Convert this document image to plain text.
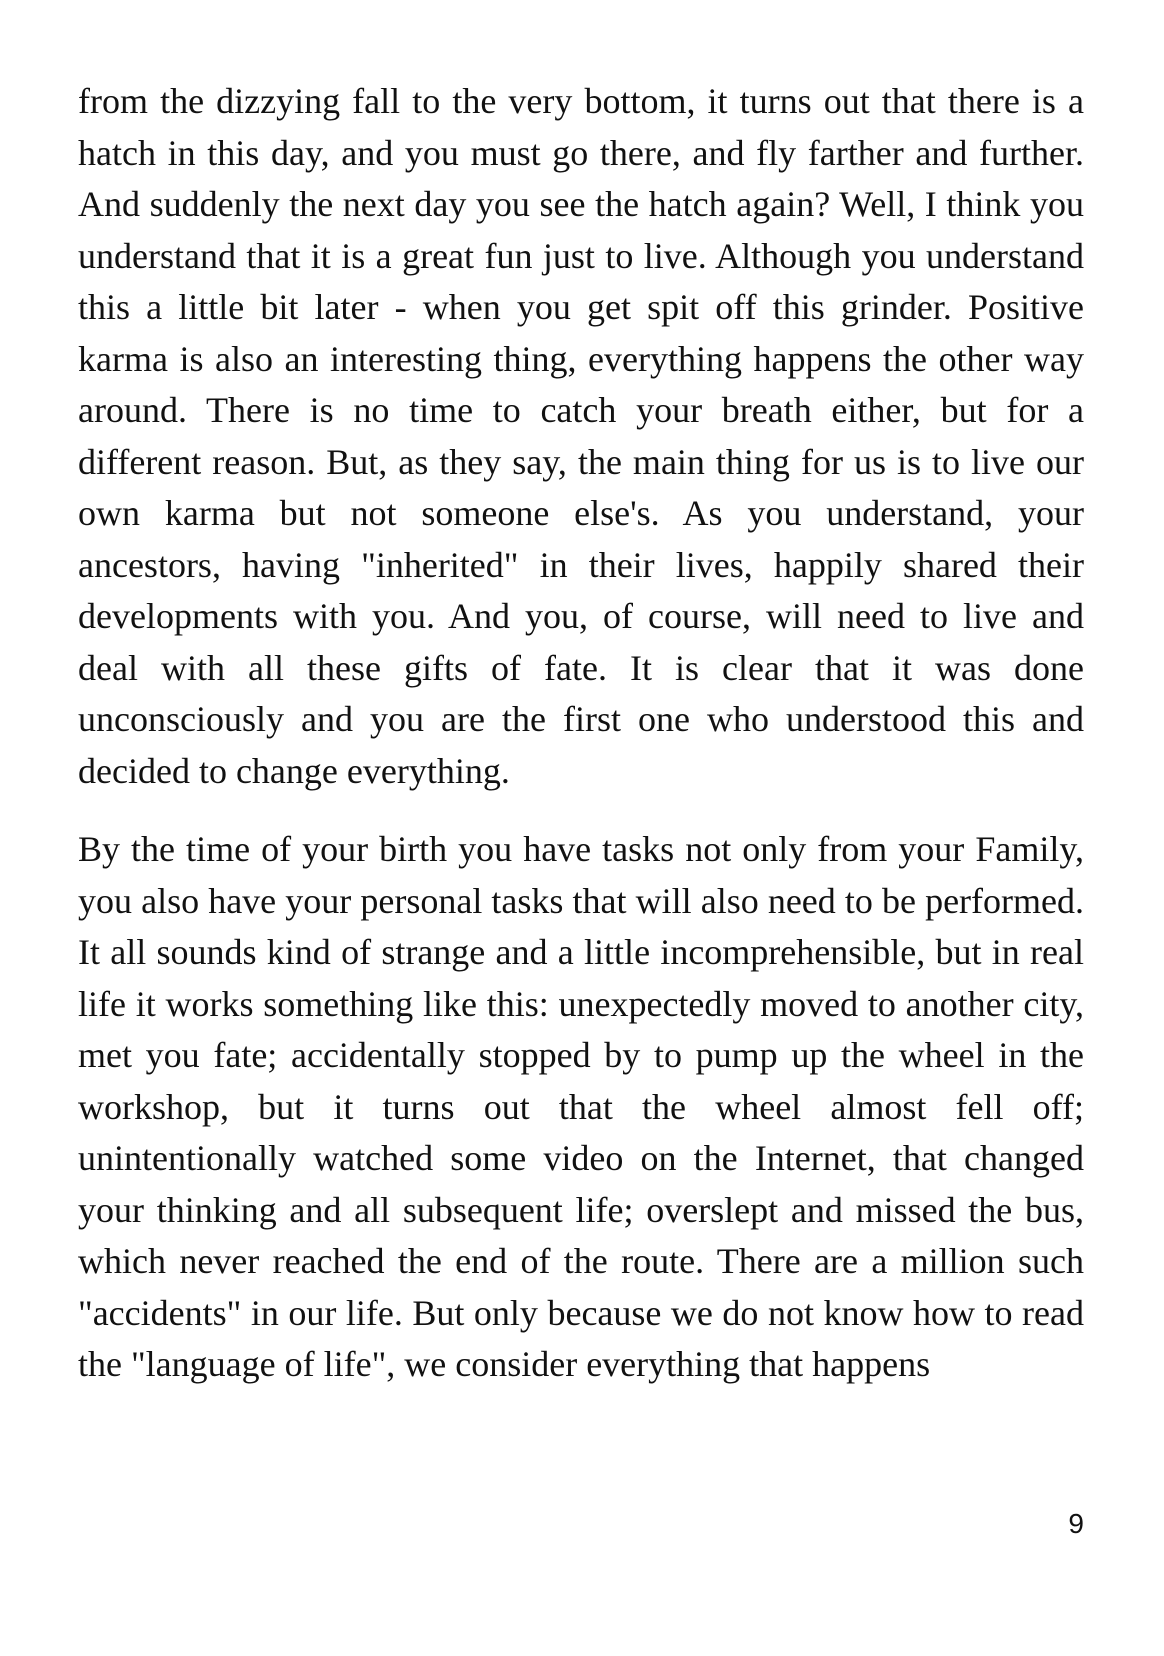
from the dizzying fall to the very bottom, it turns out that there is a hatch in this day, and you must go there, and fly farther and further. And suddenly the next day you see the hatch again? Well, I think you understand that it is a great fun just to live. Although you understand this a little bit later - when you get spit off this grinder. Positive karma is also an interesting thing, everything happens the other way around. There is no time to catch your breath either, but for a different reason. But, as they say, the main thing for us is to live our own karma but not someone else's. As you understand, your ancestors, having "inherited" in their lives, happily shared their developments with you. And you, of course, will need to live and deal with all these gifts of fate. It is clear that it was done unconsciously and you are the first one who understood this and decided to change everything.

By the time of your birth you have tasks not only from your Family, you also have your personal tasks that will also need to be performed. It all sounds kind of strange and a little incomprehensible, but in real life it works something like this: unexpectedly moved to another city, met you fate; accidentally stopped by to pump up the wheel in the workshop, but it turns out that the wheel almost fell off; unintentionally watched some video on the Internet, that changed your thinking and all subsequent life; overslept and missed the bus, which never reached the end of the route. There are a million such "accidents" in our life. But only because we do not know how to read the "language of life", we consider everything that happens

9
